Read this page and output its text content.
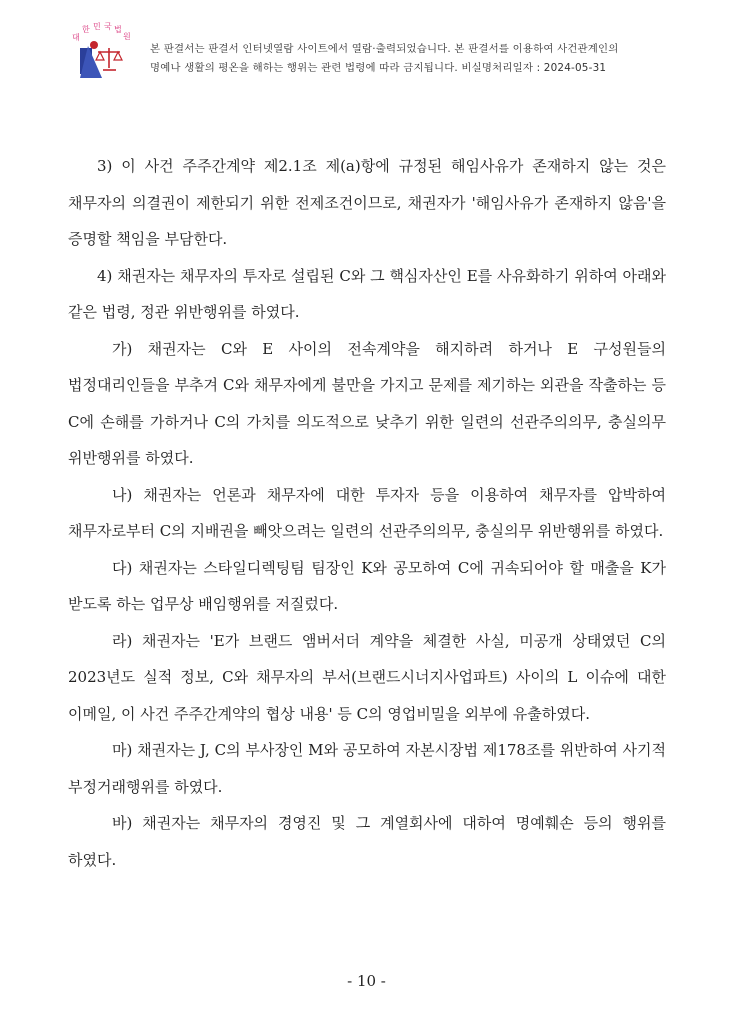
대
한 민 국 법
원
본 판결서는 판결서 인터넷열람 사이트에서 열람·출력되었습니다. 본 판결서를 이용하여 사건관계인의
명예나 생활의 평온을 해하는 행위는 관련 법령에 따라 금지됩니다. 비실명처리일자 : 2024-05-31

3) 이 사건 주주간계약 제2.1조 제(a)항에 규정된 해임사유가 존재하지 않는 것은 채무자의 의결권이 제한되기 위한 전제조건이므로, 채권자가 '해임사유가 존재하지 않음'을 증명할 책임을 부담한다.

4) 채권자는 채무자의 투자로 설립된 C와 그 핵심자산인 E를 사유화하기 위하여 아래와 같은 법령, 정관 위반행위를 하였다.

가) 채권자는 C와 E 사이의 전속계약을 해지하려 하거나 E 구성원들의 법정대리인들을 부추겨 C와 채무자에게 불만을 가지고 문제를 제기하는 외관을 작출하는 등 C에 손해를 가하거나 C의 가치를 의도적으로 낮추기 위한 일련의 선관주의의무, 충실의무 위반행위를 하였다.

나) 채권자는 언론과 채무자에 대한 투자자 등을 이용하여 채무자를 압박하여 채무자로부터 C의 지배권을 빼앗으려는 일련의 선관주의의무, 충실의무 위반행위를 하였다.

다) 채권자는 스타일디렉팅팀 팀장인 K와 공모하여 C에 귀속되어야 할 매출을 K가 받도록 하는 업무상 배임행위를 저질렀다.

라) 채권자는 'E가 브랜드 앰버서더 계약을 체결한 사실, 미공개 상태였던 C의 2023년도 실적 정보, C와 채무자의 부서(브랜드시너지사업파트) 사이의 L 이슈에 대한 이메일, 이 사건 주주간계약의 협상 내용' 등 C의 영업비밀을 외부에 유출하였다.

마) 채권자는 J, C의 부사장인 M와 공모하여 자본시장법 제178조를 위반하여 사기적 부정거래행위를 하였다.

바) 채권자는 채무자의 경영진 및 그 계열회사에 대하여 명예훼손 등의 행위를 하였다.

- 10 -
